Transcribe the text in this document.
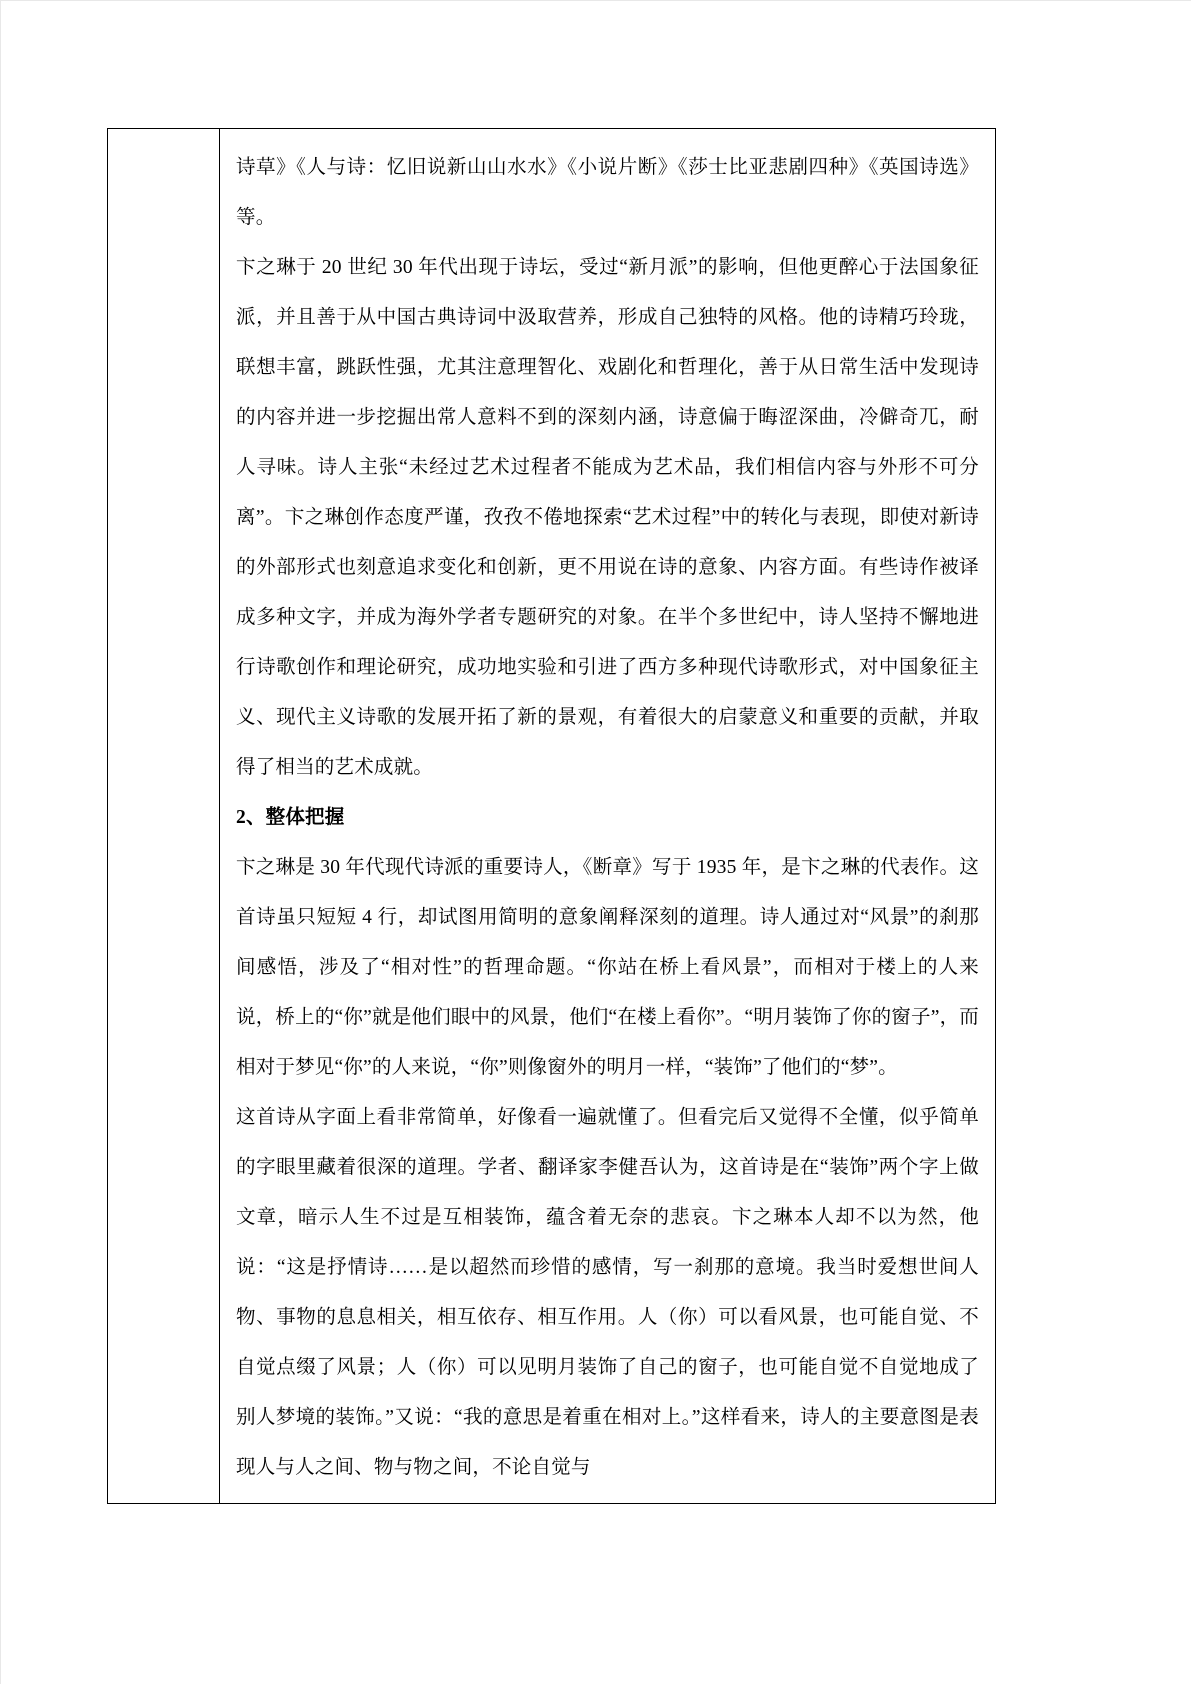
诗草》《人与诗：忆旧说新山山水水》《小说片断》《莎士比亚悲剧四种》《英国诗选》等。

卞之琳于 20 世纪 30 年代出现于诗坛，受过“新月派”的影响，但他更醉心于法国象征派，并且善于从中国古典诗词中汲取营养，形成自己独特的风格。他的诗精巧玲珑，联想丰富，跳跃性强，尤其注意理智化、戏剧化和哲理化，善于从日常生活中发现诗的内容并进一步挖掘出常人意料不到的深刻内涵，诗意偏于晦涩深曲，冷僻奇兀，耐人寻味。诗人主张“未经过艺术过程者不能成为艺术品，我们相信内容与外形不可分离”。卞之琳创作态度严谨，孜孜不倦地探索“艺术过程”中的转化与表现，即使对新诗的外部形式也刻意追求变化和创新，更不用说在诗的意象、内容方面。有些诗作被译成多种文字，并成为海外学者专题研究的对象。在半个多世纪中，诗人坚持不懈地进行诗歌创作和理论研究，成功地实验和引进了西方多种现代诗歌形式，对中国象征主义、现代主义诗歌的发展开拓了新的景观，有着很大的启蒙意义和重要的贡献，并取得了相当的艺术成就。

2、整体把握

卞之琳是 30 年代现代诗派的重要诗人，《断章》写于 1935 年，是卞之琳的代表作。这首诗虽只短短 4 行，却试图用简明的意象阐释深刻的道理。诗人通过对“风景”的刹那间感悟，涉及了“相对性”的哲理命题。“你站在桥上看风景”，而相对于楼上的人来说，桥上的“你”就是他们眼中的风景，他们“在楼上看你”。“明月装饰了你的窗子”，而相对于梦见“你”的人来说，“你”则像窗外的明月一样，“装饰”了他们的“梦”。

这首诗从字面上看非常简单，好像看一遍就懂了。但看完后又觉得不全懂，似乎简单的字眼里藏着很深的道理。学者、翻译家李健吾认为，这首诗是在“装饰”两个字上做文章，暗示人生不过是互相装饰，蕴含着无奈的悲哀。卞之琳本人却不以为然，他说：“这是抒情诗……是以超然而珍惜的感情，写一刹那的意境。我当时爱想世间人物、事物的息息相关，相互依存、相互作用。人（你）可以看风景，也可能自觉、不自觉点缀了风景；人（你）可以见明月装饰了自己的窗子，也可能自觉不自觉地成了别人梦境的装饰。”又说：“我的意思是着重在相对上。”这样看来，诗人的主要意图是表现人与人之间、物与物之间，不论自觉与
